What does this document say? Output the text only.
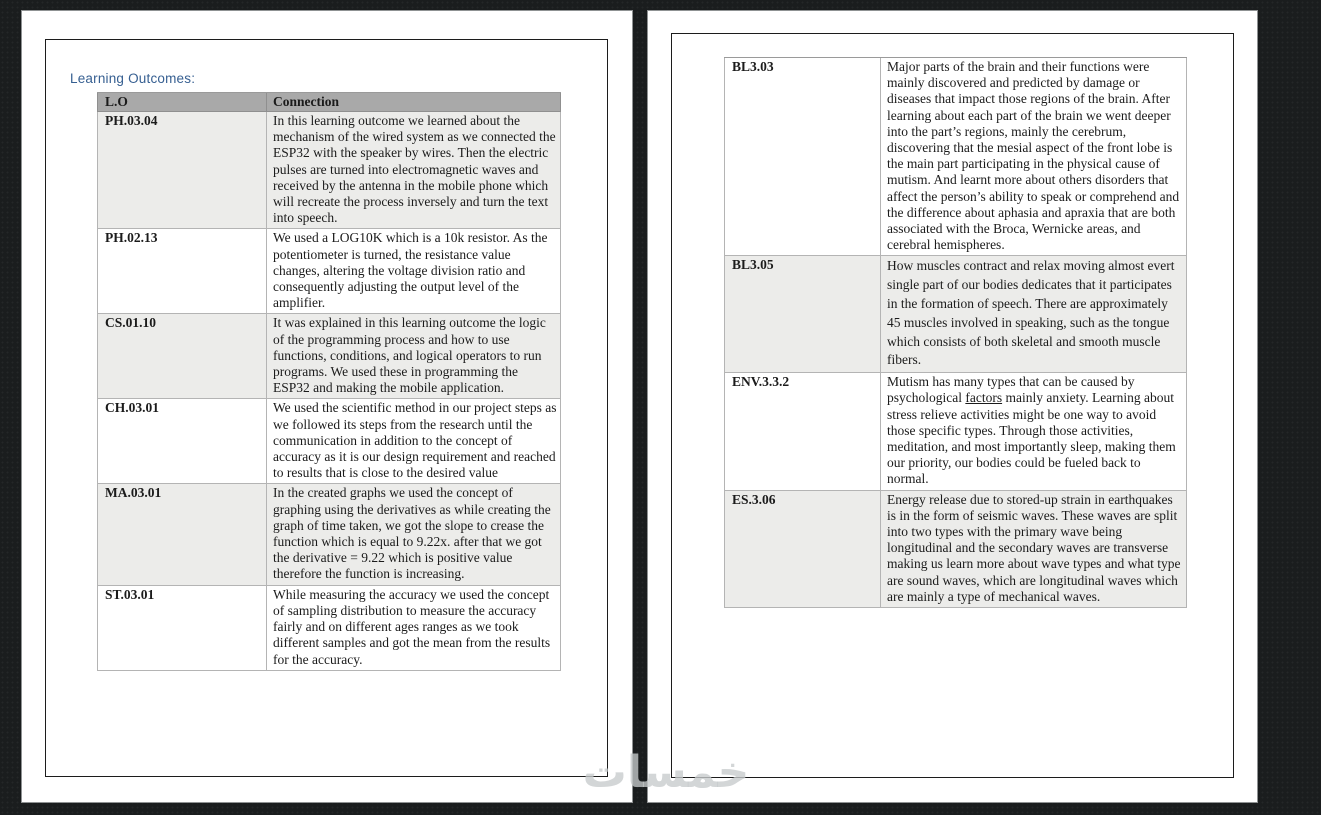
Learning Outcomes:
L.O	Connection
PH.03.04	In this learning outcome we learned about the mechanism of the wired system as we connected the ESP32 with the speaker by wires. Then the electric pulses are turned into electromagnetic waves and received by the antenna in the mobile phone which will recreate the process inversely and turn the text into speech.
PH.02.13	We used a LOG10K which is a 10k resistor. As the potentiometer is turned, the resistance value changes, altering the voltage division ratio and consequently adjusting the output level of the amplifier.
CS.01.10	It was explained in this learning outcome the logic of the programming process and how to use functions, conditions, and logical operators to run programs. We used these in programming the ESP32 and making the mobile application.
CH.03.01	We used the scientific method in our project steps as we followed its steps from the research until the communication in addition to the concept of accuracy as it is our design requirement and reached to results that is close to the desired value
MA.03.01	In the created graphs we used the concept of graphing using the derivatives as while creating the graph of time taken, we got the slope to crease the function which is equal to 9.22x. after that we got the derivative = 9.22 which is positive value therefore the function is increasing.
ST.03.01	While measuring the accuracy we used the concept of sampling distribution to measure the accuracy fairly and on different ages ranges as we took different samples and got the mean from the results for the accuracy.
BL3.03	Major parts of the brain and their functions were mainly discovered and predicted by damage or diseases that impact those regions of the brain. After learning about each part of the brain we went deeper into the part’s regions, mainly the cerebrum, discovering that the mesial aspect of the front lobe is the main part participating in the physical cause of mutism. And learnt more about others disorders that affect the person’s ability to speak or comprehend and the difference about aphasia and apraxia that are both associated with the Broca, Wernicke areas, and cerebral hemispheres.
BL3.05	How muscles contract and relax moving almost evert single part of our bodies dedicates that it participates in the formation of speech. There are approximately 45 muscles involved in speaking, such as the tongue which consists of both skeletal and smooth muscle fibers.
ENV.3.3.2	Mutism has many types that can be caused by psychological factors mainly anxiety. Learning about stress relieve activities might be one way to avoid those specific types. Through those activities, meditation, and most importantly sleep, making them our priority, our bodies could be fueled back to normal.
ES.3.06	Energy release due to stored-up strain in earthquakes is in the form of seismic waves. These waves are split into two types with the primary wave being longitudinal and the secondary waves are transverse making us learn more about wave types and what type are sound waves, which are longitudinal waves which are mainly a type of mechanical waves.
خمسات
